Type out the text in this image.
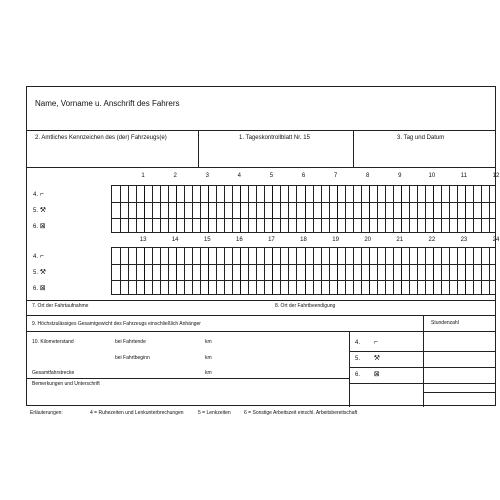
Name, Vorname u. Anschrift des Fahrers
2. Amtliches Kennzeichen des (der) Fahrzeugs(e)	1. Tageskontrollblatt Nr. 15	3. Tag und Datum
1	2	3	4	5	6	7	8	9	10	11	12
4. ⌐
5. ⚒
6. ⊠
13	14	15	16	17	18	19	20	21	22	23	24
4. ⌐
5. ⚒
6. ⊠
7. Ort der Fahrtaufnahme	8. Ort der Fahrtbeendigung
9. Höchstzulässiges Gesamtgewicht des Fahrzeugs einschließlich Anhänger	Stundenzahl
10. Kilometerstand	bei Fahrtende	km
bei Fahrtbeginn	km
Gesamtfahrstrecke	km
Bemerkungen und Unterschrift
4. ⌐
5. ⚒
6. ⊠
Erläuterungen:	4 = Ruhezeiten und Lenkunterbrechungen	5 = Lenkzeiten	6 = Sonstige Arbeitszeit einschl. Arbeitsbereitschaft
